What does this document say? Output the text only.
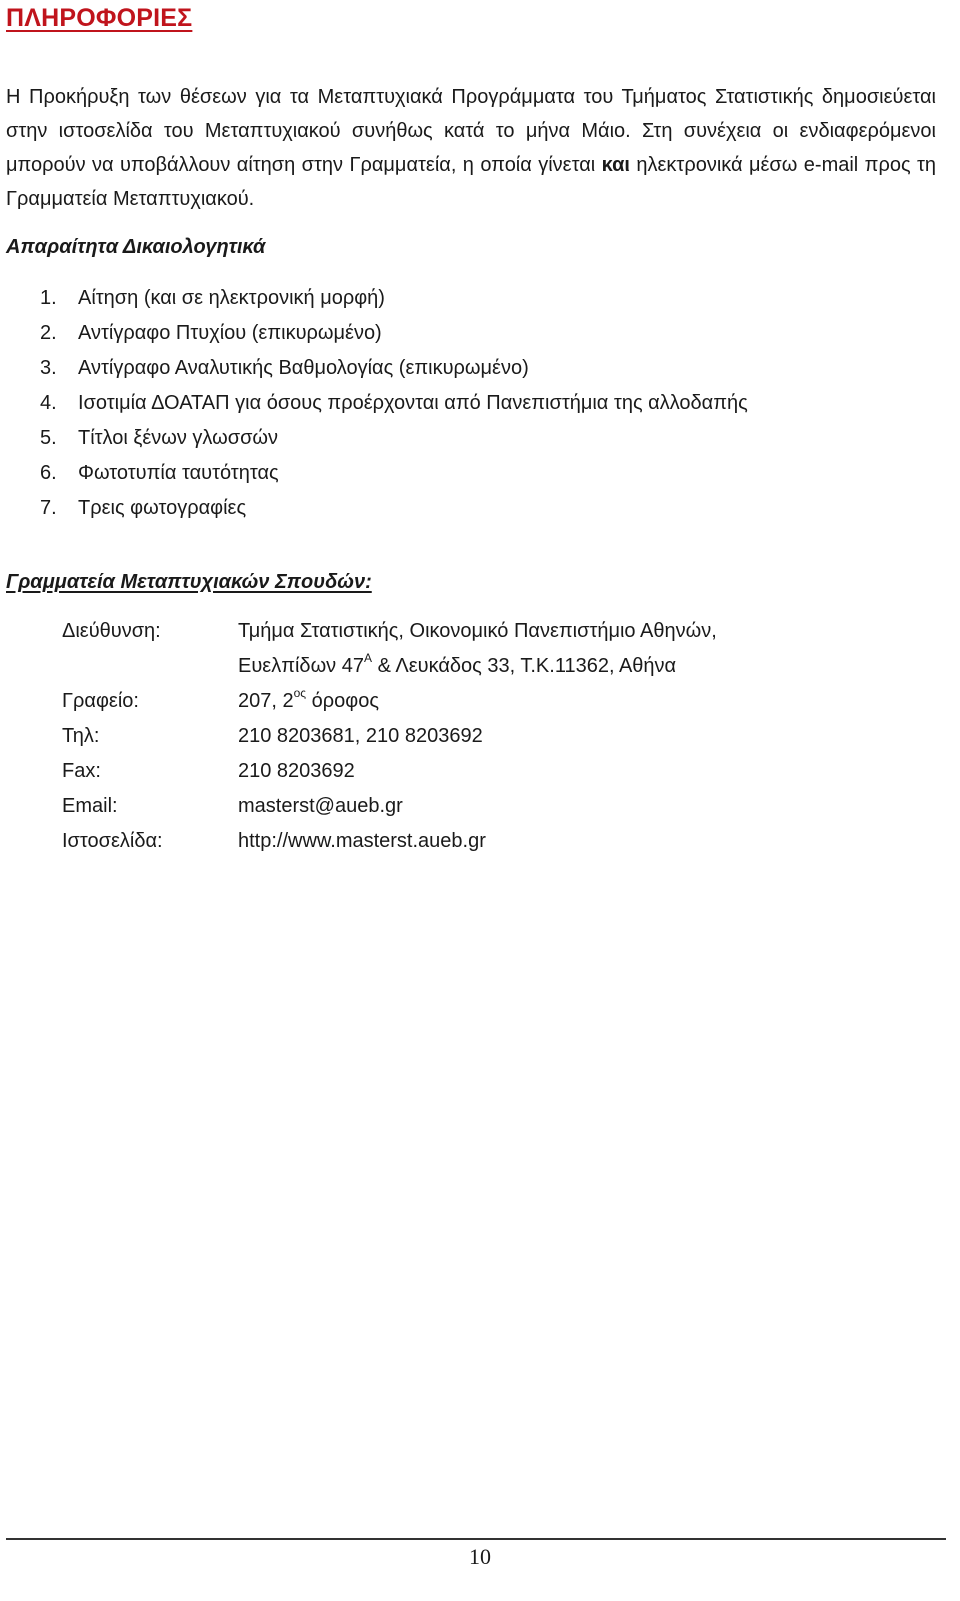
ΠΛΗΡΟΦΟΡΙΕΣ

Η Προκήρυξη των θέσεων για τα Μεταπτυχιακά Προγράμματα του Τμήματος Στατιστικής δημοσιεύεται στην ιστοσελίδα του Μεταπτυχιακού συνήθως κατά το μήνα Μάιο. Στη συνέχεια οι ενδιαφερόμενοι μπορούν να υποβάλλουν αίτηση στην Γραμματεία, η οποία γίνεται και ηλεκτρονικά μέσω e-mail προς τη Γραμματεία Μεταπτυχιακού.

Απαραίτητα Δικαιολογητικά
1. Αίτηση (και σε ηλεκτρονική μορφή)
2. Αντίγραφο Πτυχίου (επικυρωμένο)
3. Αντίγραφο Αναλυτικής Βαθμολογίας (επικυρωμένο)
4. Ισοτιμία ΔΟΑΤΑΠ για όσους προέρχονται από Πανεπιστήμια της αλλοδαπής
5. Τίτλοι ξένων γλωσσών
6. Φωτοτυπία ταυτότητας
7. Τρεις φωτογραφίες
Γραμματεία Μεταπτυχιακών Σπουδών:
Διεύθυνση:	Τμήμα Στατιστικής, Οικονομικό Πανεπιστήμιο Αθηνών,
Ευελπίδων $47^A$ & Λευκάδος 33, Τ.Κ.11362, Αθήνα
Γραφείο:	207, $2^{o\varsigma}$ όροφος
Τηλ:	210 8203681, 210 8203692
Fax:	210 8203692
Email:	masterst@aueb.gr
Ιστοσελίδα:	http://www.masterst.aueb.gr
10
